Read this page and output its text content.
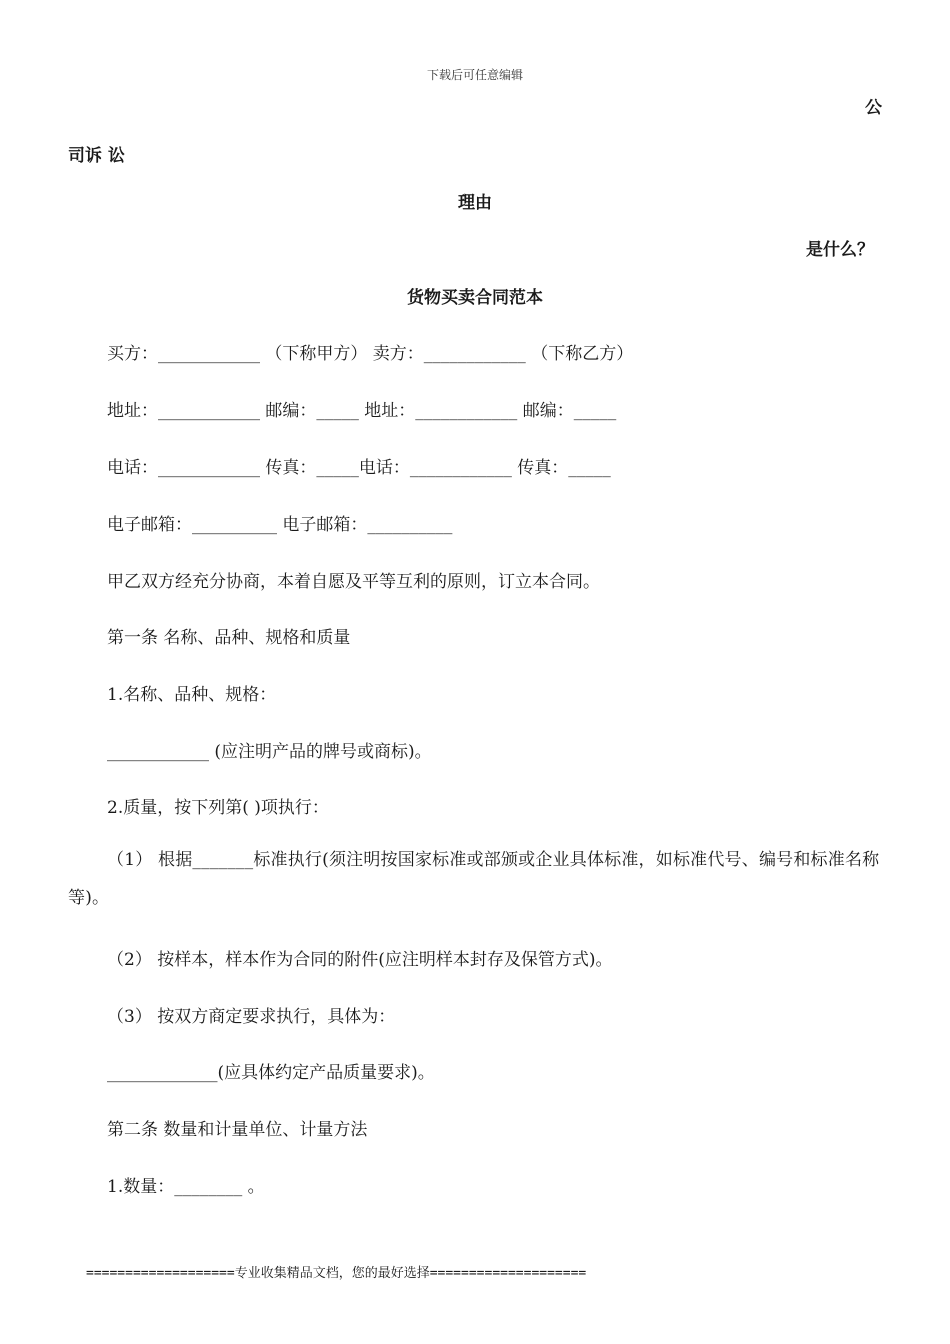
下载后可任意编辑
公
司诉 讼
理由
是什么？
货物买卖合同范本
买方：____________ （下称甲方） 卖方：____________ （下称乙方）
地址：____________ 邮编：_____ 地址：____________ 邮编：_____
电话：____________ 传真：_____电话：____________ 传真：_____
电子邮箱：__________ 电子邮箱：__________
甲乙双方经充分协商，本着自愿及平等互利的原则，订立本合同。
第一条 名称、品种、规格和质量
1.名称、品种、规格：
____________ (应注明产品的牌号或商标)。
2.质量，按下列第( )项执行：
（1） 根据_______标准执行(须注明按国家标准或部颁或企业具体标准，如标准代号、编号和标准名称等)。
（2） 按样本，样本作为合同的附件(应注明样本封存及保管方式)。
（3） 按双方商定要求执行，具体为：
_____________(应具体约定产品质量要求)。
第二条 数量和计量单位、计量方法
1.数量：________ 。
===================专业收集精品文档，您的最好选择====================
